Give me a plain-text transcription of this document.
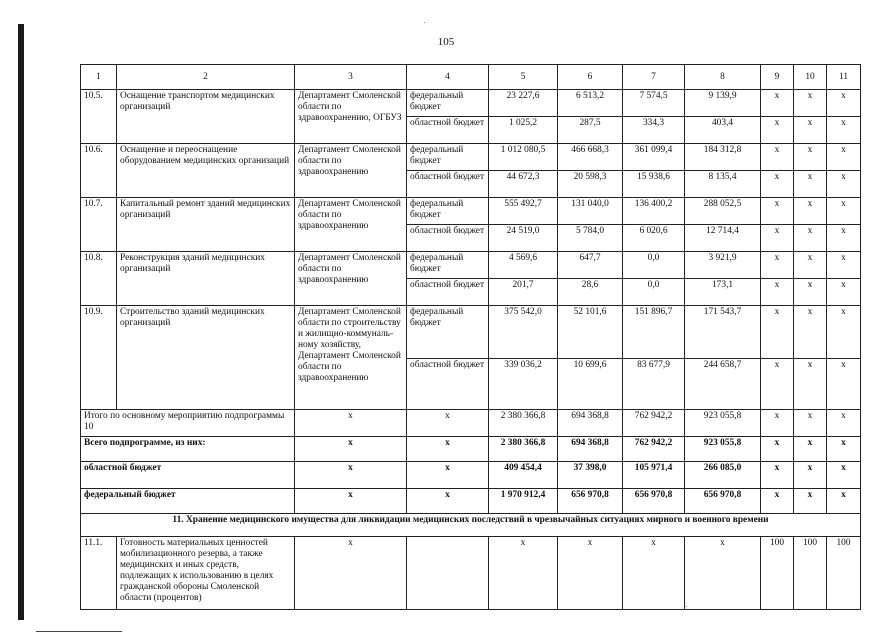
105
1	2	3	4	5	6	7	8	9	10	11
10.5.	Оснащение транспортом медицинских организаций	Департамент Смоленской области по здравоохранению, ОГБУЗ	федеральный бюджет	23 227,6	6 513,2	7 574,5	9 139,9	х	х	х
			областной бюджет	1 025,2	287,5	334,3	403,4	х	х	х
10.6.	Оснащение и переоснащение оборудованием медицинских организаций	Департамент Смоленской области по здравоохранению	федеральный бюджет	1 012 080,5	466 668,3	361 099,4	184 312,8	х	х	х
			областной бюджет	44 672,3	20 598,3	15 938,6	8 135,4	х	х	х
10.7.	Капитальный ремонт зданий медицинских организаций	Департамент Смоленской области по здравоохранению	федеральный бюджет	555 492,7	131 040,0	136 400,2	288 052,5	х	х	х
			областной бюджет	24 519,0	5 784,0	6 020,6	12 714,4	х	х	х
10.8.	Реконструкция зданий медицинских организаций	Департамент Смоленской области по здравоохранению	федеральный бюджет	4 569,6	647,7	0,0	3 921,9	х	х	х
			областной бюджет	201,7	28,6	0,0	173,1	х	х	х
10.9.	Строительство зданий медицинских организаций	Департамент Смоленской области по строительству и жилищно-коммуналь-ному хозяйству, Департамент Смоленской области по здравоохранению	федеральный бюджет	375 542,0	52 101,6	151 896,7	171 543,7	х	х	х
			областной бюджет	339 036,2	10 699,6	83 677,9	244 658,7	х	х	х
Итого по основному мероприятию подпрограммы 10		х	х	2 380 366,8	694 368,8	762 942,2	923 055,8	х	х	х
Всего подпрограмме, из них:		х	х	2 380 366,8	694 368,8	762 942,2	923 055,8	х	х	х
областной бюджет		х	х	409 454,4	37 398,0	105 971,4	266 085,0	х	х	х
федеральный бюджет		х	х	1 970 912,4	656 970,8	656 970,8	656 970,8	х	х	х
11. Хранение медицинского имущества для ликвидации медицинских последствий в чрезвычайных ситуациях мирного и военного времени										
11.1.	Готовность материальных ценностей мобилизационного резерва, а также медицинских и иных средств, подлежащих к использованию в целях гражданской обороны Смоленской области (процентов)	х		х	х	х	х	100	100	100
